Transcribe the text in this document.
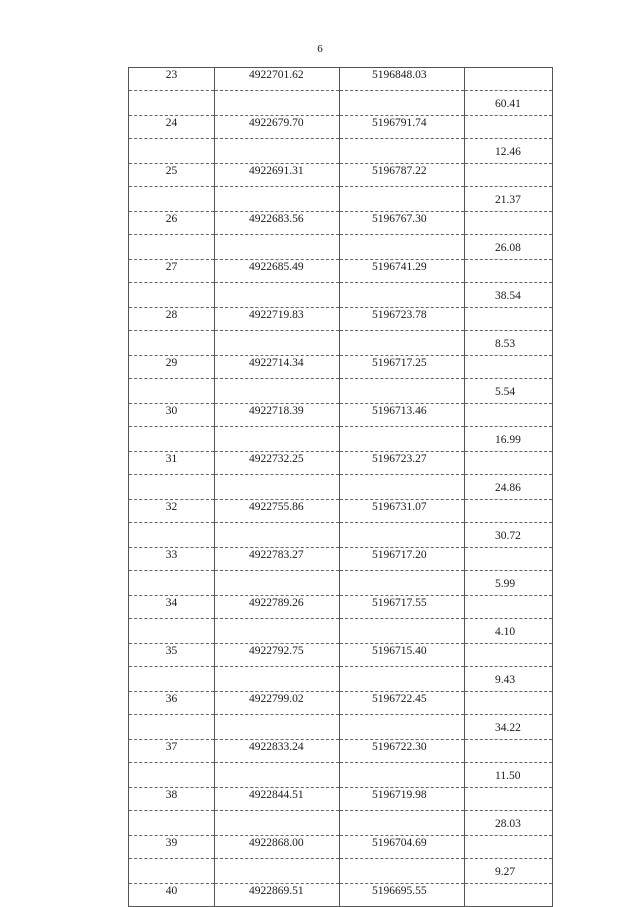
6
23	4922701.62	5196848.03	
			60.41
24	4922679.70	5196791.74	
			12.46
25	4922691.31	5196787.22	
			21.37
26	4922683.56	5196767.30	
			26.08
27	4922685.49	5196741.29	
			38.54
28	4922719.83	5196723.78	
			8.53
29	4922714.34	5196717.25	
			5.54
30	4922718.39	5196713.46	
			16.99
31	4922732.25	5196723.27	
			24.86
32	4922755.86	5196731.07	
			30.72
33	4922783.27	5196717.20	
			5.99
34	4922789.26	5196717.55	
			4.10
35	4922792.75	5196715.40	
			9.43
36	4922799.02	5196722.45	
			34.22
37	4922833.24	5196722.30	
			11.50
38	4922844.51	5196719.98	
			28.03
39	4922868.00	5196704.69	
			9.27
40	4922869.51	5196695.55	
